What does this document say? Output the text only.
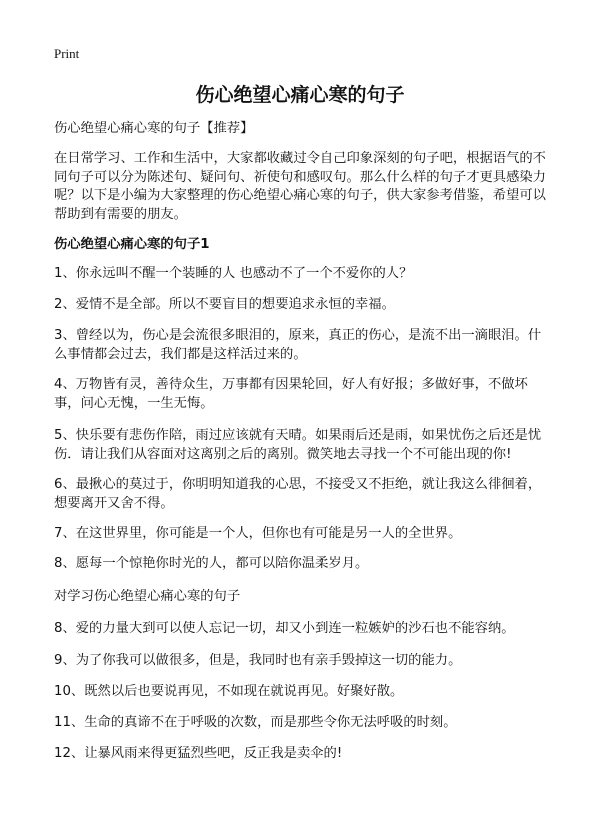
Print
伤心绝望心痛心寒的句子
伤心绝望心痛心寒的句子【推荐】
在日常学习、工作和生活中，大家都收藏过令自己印象深刻的句子吧，根据语气的不同句子可以分为陈述句、疑问句、祈使句和感叹句。那么什么样的句子才更具感染力呢？以下是小编为大家整理的伤心绝望心痛心寒的句子，供大家参考借鉴，希望可以帮助到有需要的朋友。
伤心绝望心痛心寒的句子1
1、你永远叫不醒一个装睡的人 也感动不了一个不爱你的人？
2、爱情不是全部。所以不要盲目的想要追求永恒的幸福。
3、曾经以为，伤心是会流很多眼泪的，原来，真正的伤心，是流不出一滴眼泪。什么事情都会过去，我们都是这样活过来的。
4、万物皆有灵，善待众生，万事都有因果轮回，好人有好报；多做好事，不做坏事，问心无愧，一生无悔。
5、快乐要有悲伤作陪，雨过应该就有天晴。如果雨后还是雨，如果忧伤之后还是忧伤．请让我们从容面对这离别之后的离别。微笑地去寻找一个不可能出现的你!
6、最揪心的莫过于，你明明知道我的心思，不接受又不拒绝，就让我这么徘徊着，想要离开又舍不得。
7、在这世界里，你可能是一个人，但你也有可能是另一人的全世界。
8、愿每一个惊艳你时光的人，都可以陪你温柔岁月。
对学习伤心绝望心痛心寒的句子
8、爱的力量大到可以使人忘记一切，却又小到连一粒嫉妒的沙石也不能容纳。
9、为了你我可以做很多，但是，我同时也有亲手毁掉这一切的能力。
10、既然以后也要说再见，不如现在就说再见。好聚好散。
11、生命的真谛不在于呼吸的次数，而是那些令你无法呼吸的时刻。
12、让暴风雨来得更猛烈些吧，反正我是卖伞的!
